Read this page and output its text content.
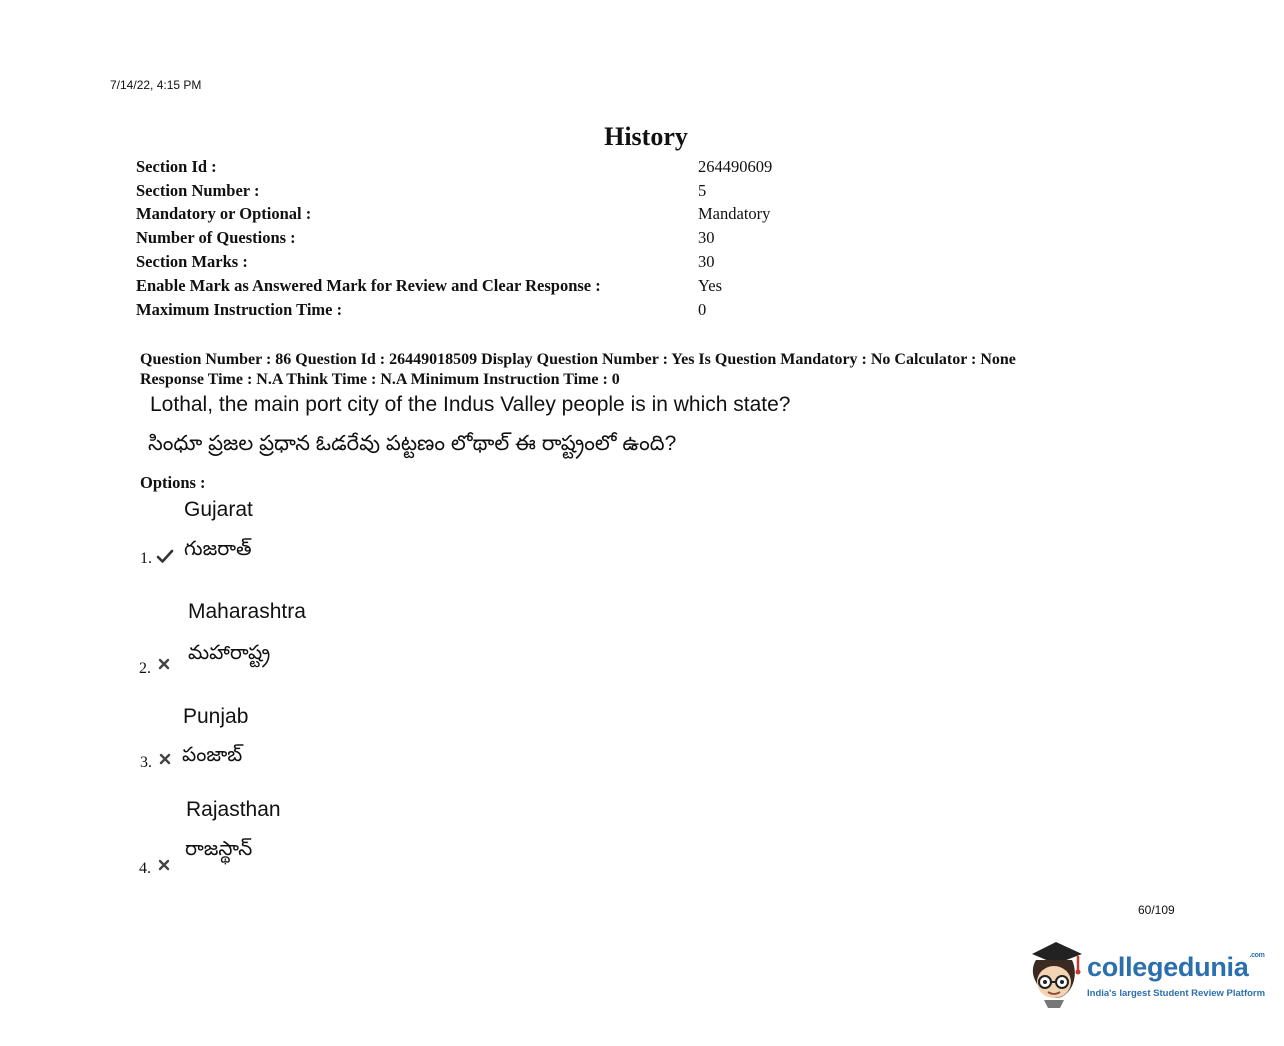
7/14/22, 4:15 PM
History
Section Id :	264490609
Section Number :	5
Mandatory or Optional :	Mandatory
Number of Questions :	30
Section Marks :	30
Enable Mark as Answered Mark for Review and Clear Response :	Yes
Maximum Instruction Time :	0
Question Number : 86 Question Id : 26449018509 Display Question Number : Yes Is Question Mandatory : No Calculator : None
Response Time : N.A Think Time : N.A Minimum Instruction Time : 0
Lothal, the main port city of the Indus Valley people is in which state?
సింధూ ప్రజల ప్రధాన ఓడరేవు పట్టణం లోథాల్ ఈ రాష్ట్రంలో ఉంది?
Options :
Gujarat
1. గుజరాత్
Maharashtra
2.
మహారాష్ట్ర
Punjab
3. పంజాబ్
Rajasthan
4.
రాజస్థాన్
60/109
collegedunia$^{.com}$
India's largest Student Review Platform
